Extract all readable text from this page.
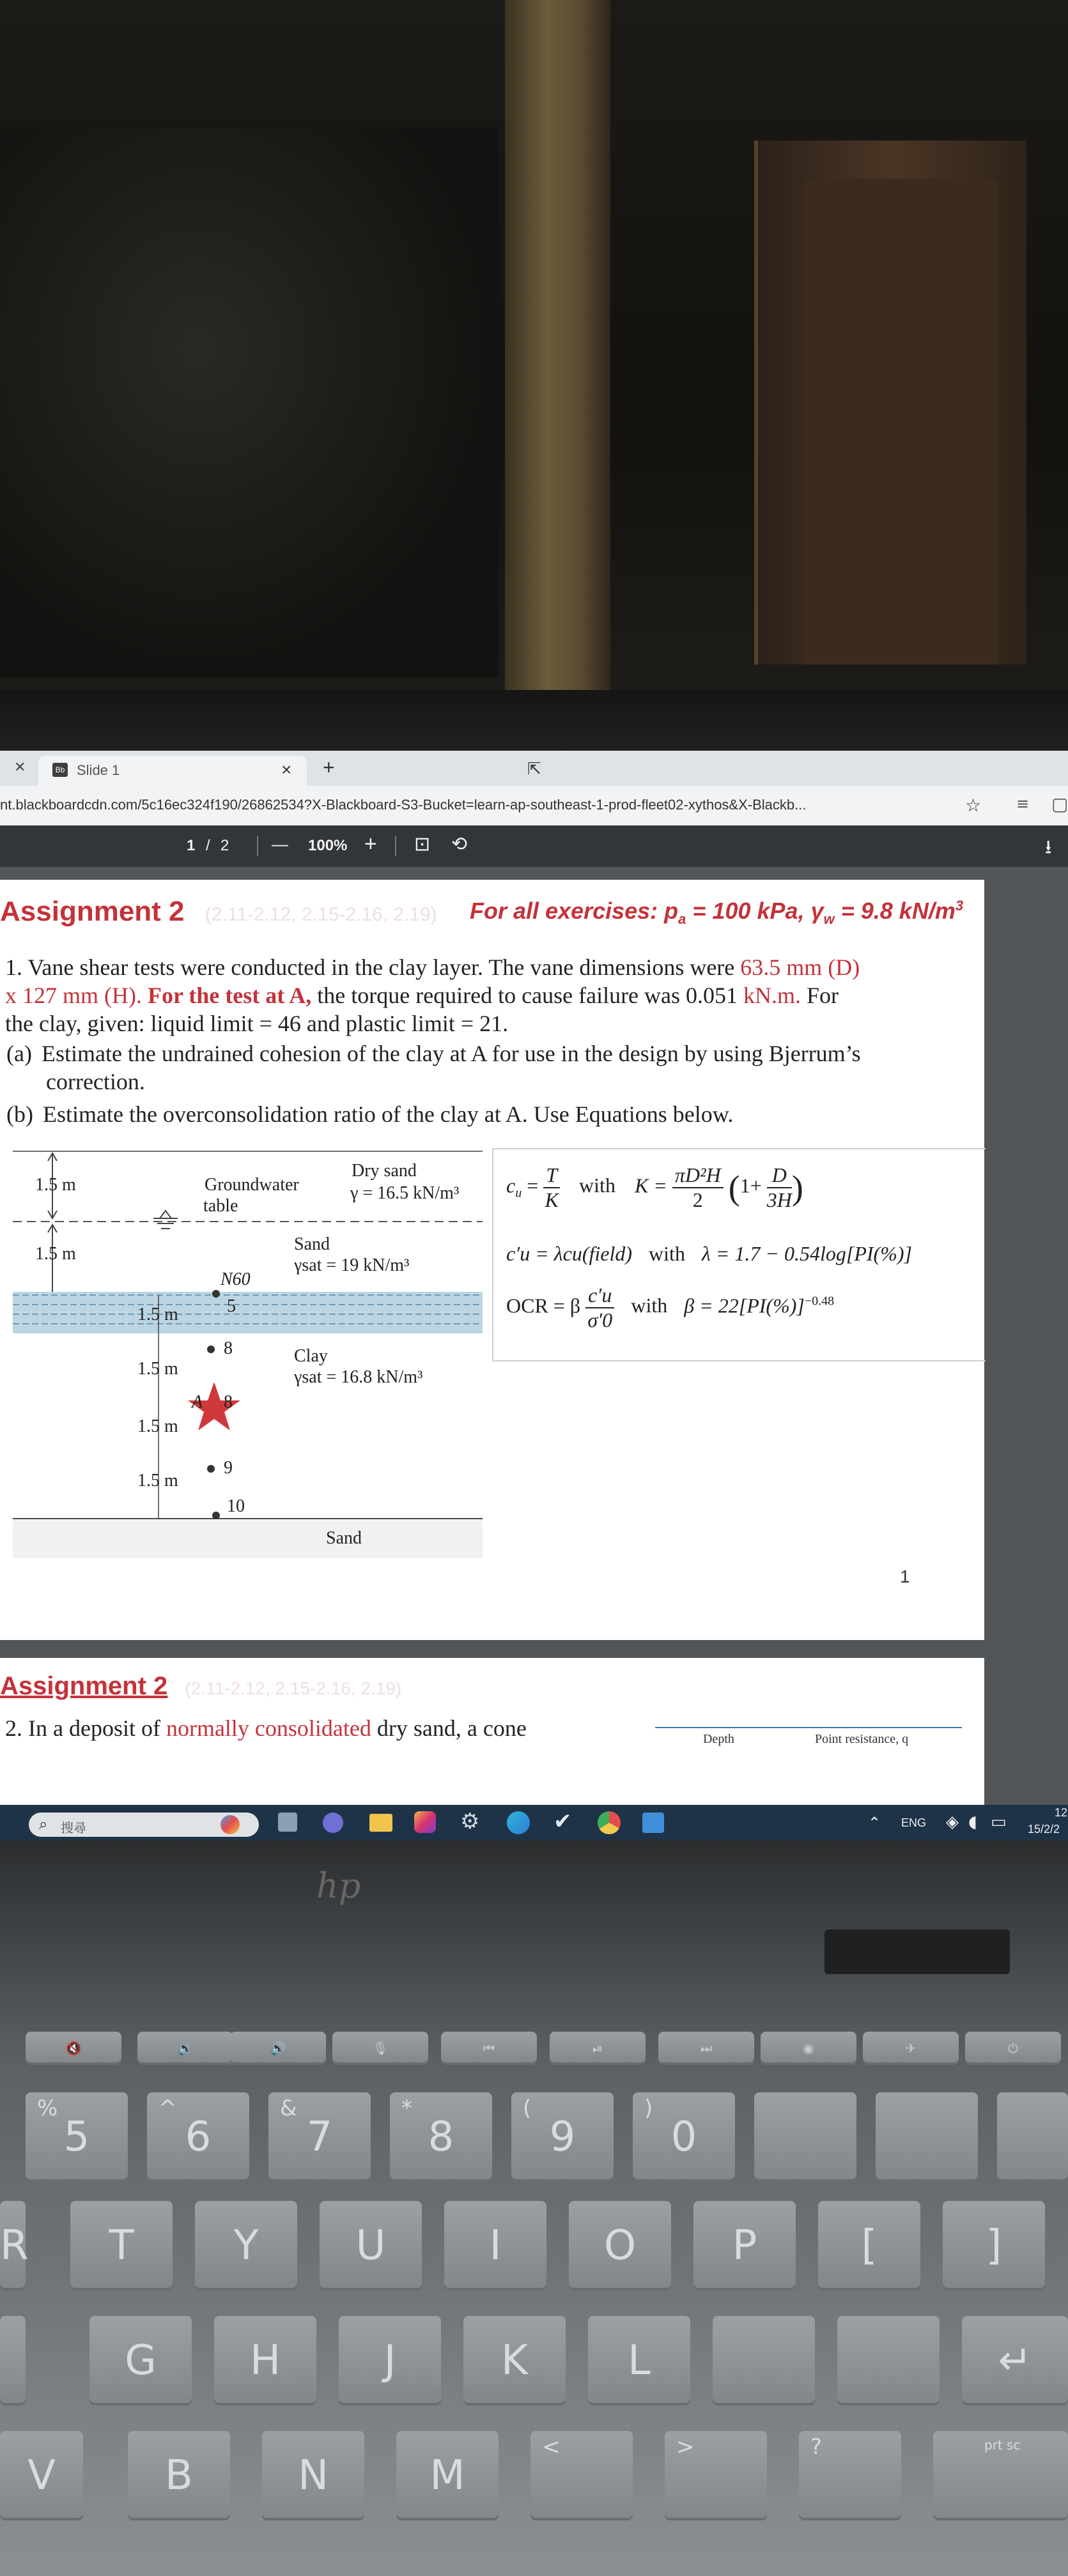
✕	Bb Slide 1	× +	⇱
nt.blackboardcdn.com/5c16ec324f190/26862534?X-Blackboard-S3-Bucket=learn-ap-southeast-1-prod-fleet02-xythos&X-Blackb...	☆ ≡ ▢
1 / 2	— 100% + ⊡ ⟲	⭳
Assignment 2 (2.11-2.12, 2.15-2.16, 2.19) For all exercises: $p_a = 100$ kPa, $\gamma_w = 9.8$ $kN/m^3$
1. Vane shear tests were conducted in the clay layer. The vane dimensions were 63.5 mm (D)
x 127 mm (H). For the test at A, the torque required to cause failure was 0.051 kN.m. For
the clay, given: liquid limit = 46 and plastic limit = 21.
(a) Estimate the undrained cohesion of the clay at A for use in the design by using Bjerrum’s
correction.
(b) Estimate the overconsolidation ratio of the clay at A. Use Equations below.
1.5 m	Groundwater
table
Dry sand
γ = 16.5 kN/m³
1.5 m	Sand
γsat = 19 kN/m³
N60
Clay
γsat = 16.8 kN/m³
1.5 m
1.5 m
1.5 m
1.5 m
5
8
8
9
10
A
Sand
$c_u = \frac{T}{K}$ with $K = \frac{\text{πD²H}}{2} (1+ \frac{D}{3H}$ )
c′u = λcu(field) with λ = 1.7 − 0.54log[PI(%)]
OCR = β $\frac{c'u}{\sigma'0}$ with $\beta = 22[PI(\%)]^{-0.48}$
1
Assignment 2 (2.11-2.12, 2.15-2.16, 2.19)
2. In a deposit of normally consolidated dry sand, a cone	Depth	Point resistance, q
⌕ 搜尋	⚙	✔	⌃ ENG ◈ ◖ ▭	12
15/2/2
hp
🔇	🔉	🔊	🎙	⏮	⏯	⏭	◉	✈	⏻
%
5
^
6
&
7
*
8
(
9
)
0
R	T	Y	U	I	O	P	[	]
G	H	J	K	L	↵
V	B	N	M
<	>	?	prt sc
